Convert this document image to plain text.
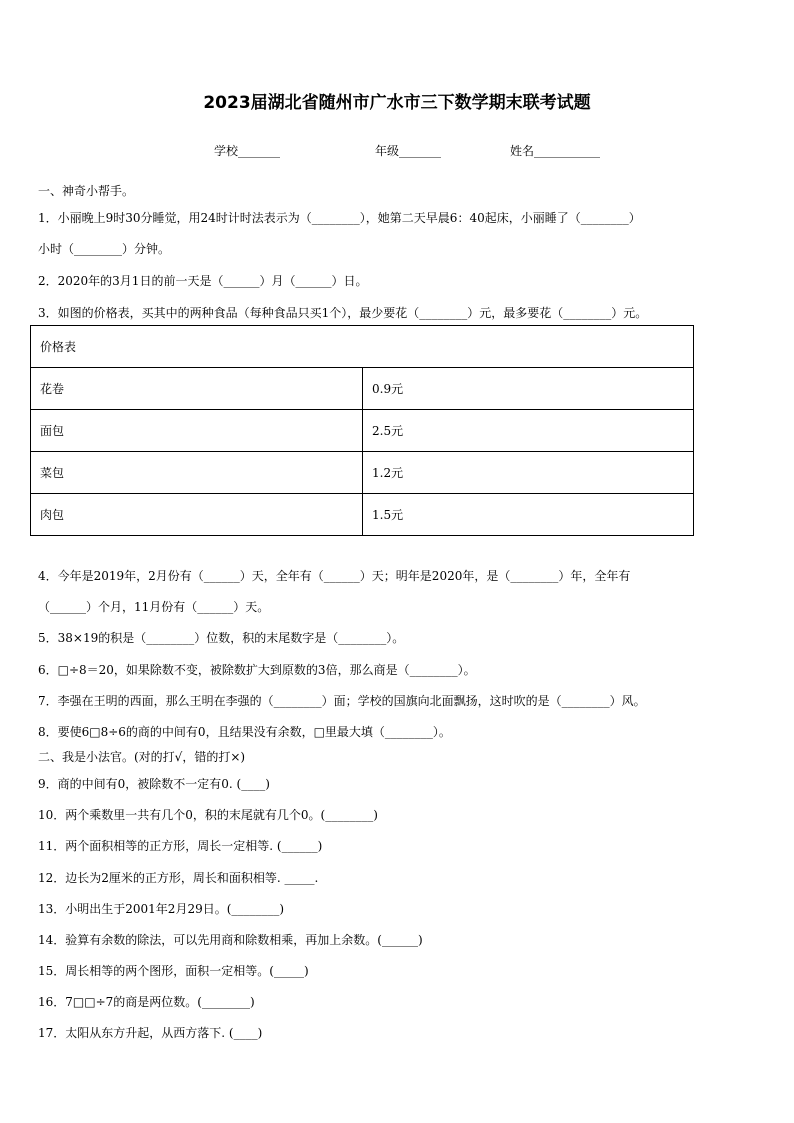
2023届湖北省随州市广水市三下数学期末联考试题
学校_______	年级_______	姓名___________
一、神奇小帮手。
1．小丽晚上9时30分睡觉，用24时计时法表示为（________），她第二天早晨6：40起床，小丽睡了（________）
小时（________）分钟。
2．2020年的3月1日的前一天是（______）月（______）日。
3．如图的价格表，买其中的两种食品（每种食品只买1个），最少要花（________）元，最多要花（________）元。
价格表	
花卷	0.9元
面包	2.5元
菜包	1.2元
肉包	1.5元
4．今年是2019年，2月份有（______）天，全年有（______）天；明年是2020年，是（________）年，全年有
（______）个月，11月份有（______）天。
5．38×19的积是（________）位数，积的末尾数字是（________）。
6．□÷8＝20，如果除数不变，被除数扩大到原数的3倍，那么商是（________）。
7．李强在王明的西面，那么王明在李强的（________）面；学校的国旗向北面飘扬，这时吹的是（________）风。
8．要使6□8÷6的商的中间有0，且结果没有余数，□里最大填（________）。
二、我是小法官。(对的打√，错的打×)
9．商的中间有0，被除数不一定有0. (____)
10．两个乘数里一共有几个0，积的末尾就有几个0。(________)
11．两个面积相等的正方形，周长一定相等. (______)
12．边长为2厘米的正方形，周长和面积相等. _____.
13．小明出生于2001年2月29日。(________)
14．验算有余数的除法，可以先用商和除数相乘，再加上余数。(______)
15．周长相等的两个图形，面积一定相等。(_____)
16．7□□÷7的商是两位数。(________)
17．太阳从东方升起，从西方落下. (____)
